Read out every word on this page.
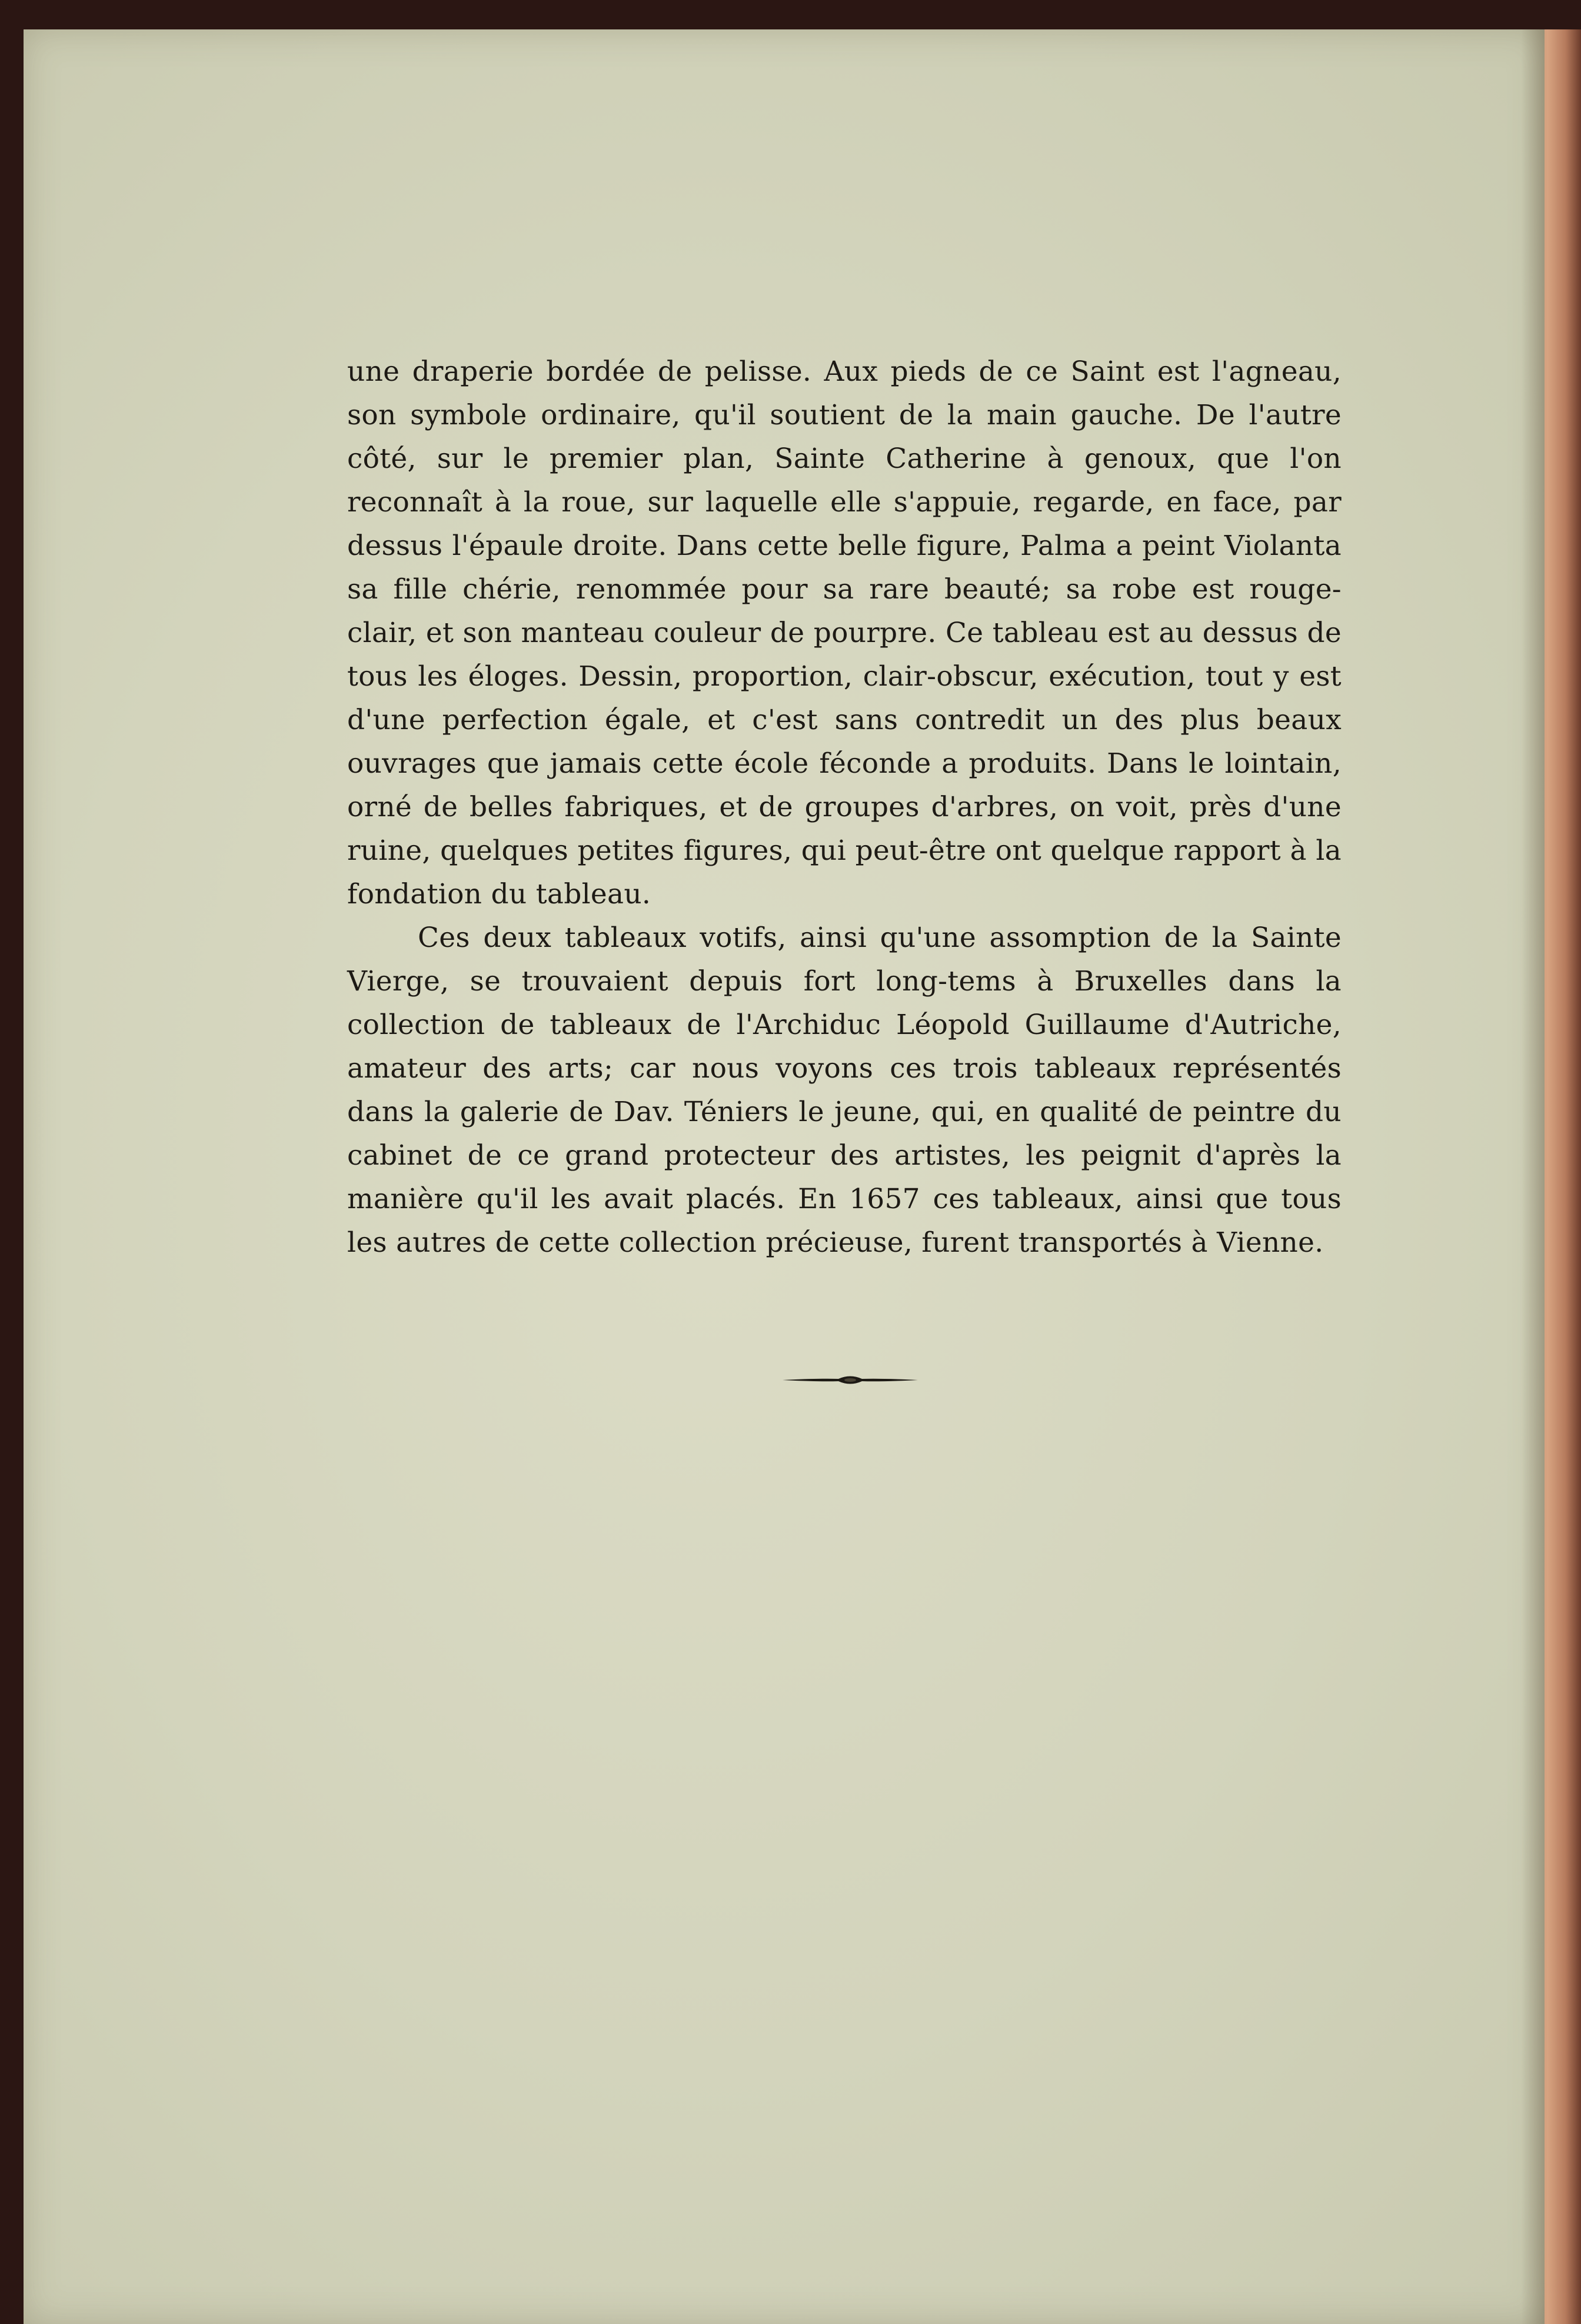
une draperie bordée de pelisse. Aux pieds de ce Saint est l'agneau, son symbole ordinaire, qu'il soutient de la main gauche. De l'autre côté, sur le premier plan, Sainte Catherine à genoux, que l'on reconnaît à la roue, sur laquelle elle s'appuie, regarde, en face, par dessus l'épaule droite. Dans cette belle figure, Palma a peint Violanta sa fille chérie, renommée pour sa rare beauté; sa robe est rouge-clair, et son manteau couleur de pourpre. Ce tableau est au dessus de tous les éloges. Dessin, proportion, clair-obscur, exécution, tout y est d'une perfection égale, et c'est sans contredit un des plus beaux ouvrages que jamais cette école féconde a produits. Dans le lointain, orné de belles fabriques, et de groupes d'arbres, on voit, près d'une ruine, quelques petites figures, qui peut-être ont quelque rapport à la fondation du tableau.

Ces deux tableaux votifs, ainsi qu'une assomption de la Sainte Vierge, se trouvaient depuis fort long-tems à Bruxelles dans la collection de tableaux de l'Archiduc Léopold Guillaume d'Autriche, amateur des arts; car nous voyons ces trois tableaux représentés dans la galerie de Dav. Téniers le jeune, qui, en qualité de peintre du cabinet de ce grand protecteur des artistes, les peignit d'après la manière qu'il les avait placés. En 1657 ces tableaux, ainsi que tous les autres de cette collection précieuse, furent transportés à Vienne.
